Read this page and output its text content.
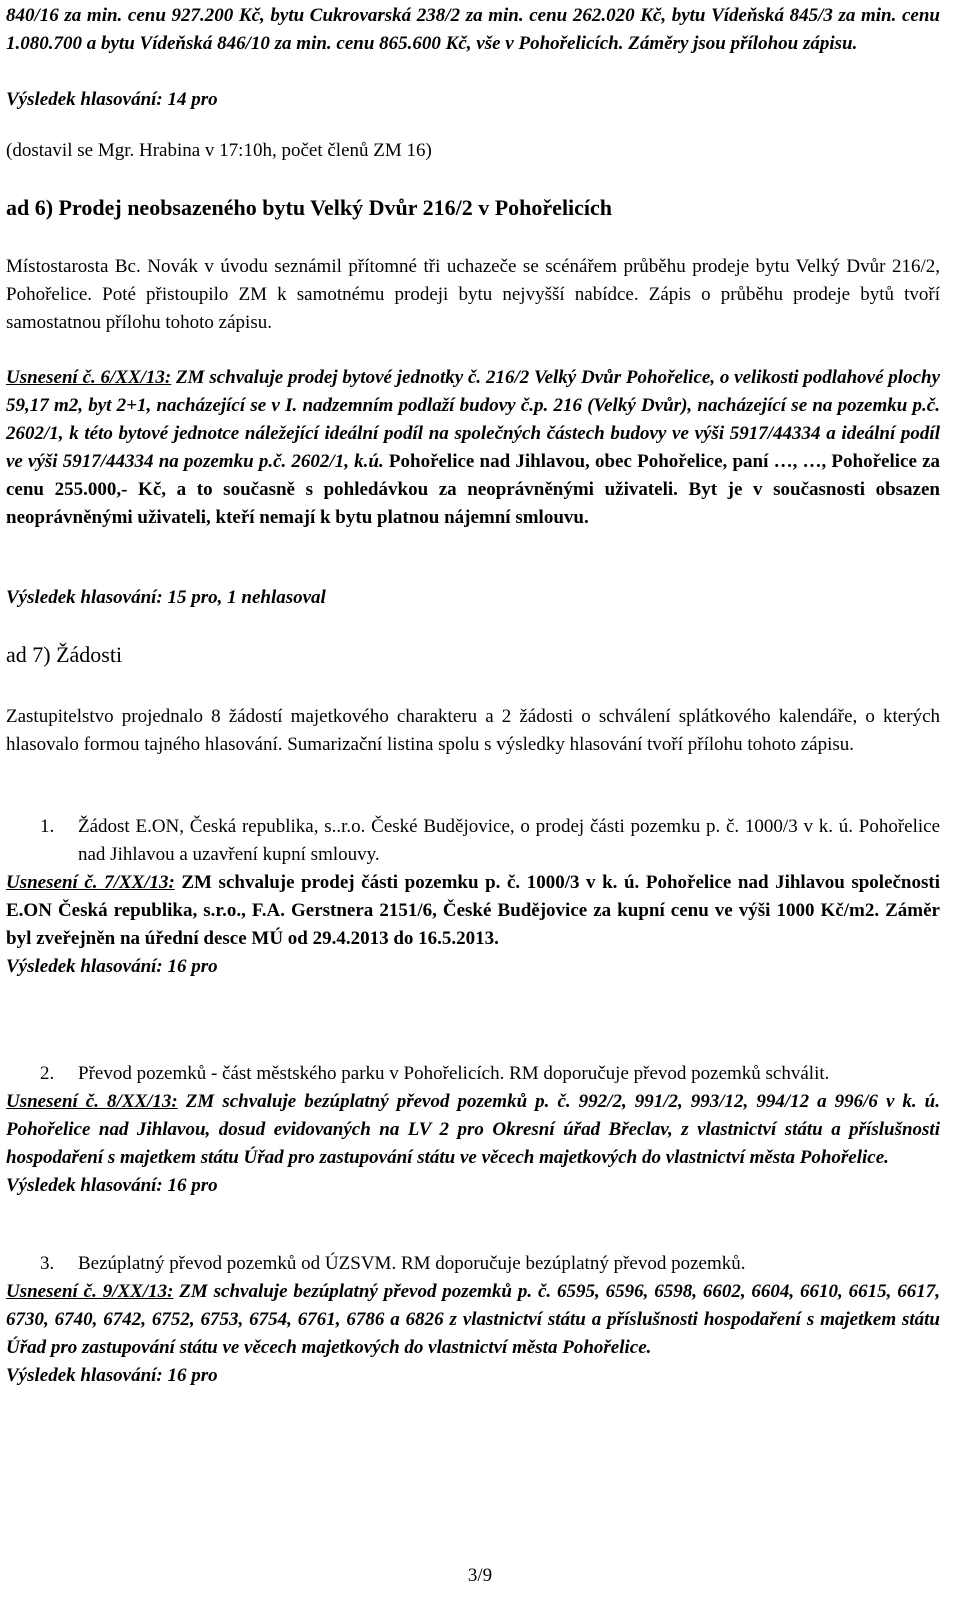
840/16 za min. cenu 927.200 Kč, bytu Cukrovarská 238/2 za min. cenu 262.020 Kč, bytu Vídeňská 845/3 za min. cenu 1.080.700 a bytu Vídeňská 846/10 za min. cenu 865.600 Kč, vše v Pohořelicích. Záměry jsou přílohou zápisu.

Výsledek hlasování: 14 pro

(dostavil se Mgr. Hrabina v 17:10h, počet členů ZM 16)

ad 6) Prodej neobsazeného bytu Velký Dvůr 216/2 v Pohořelicích

Místostarosta Bc. Novák v úvodu seznámil přítomné tři uchazeče se scénářem průběhu prodeje bytu Velký Dvůr 216/2, Pohořelice. Poté přistoupilo ZM k samotnému prodeji bytu nejvyšší nabídce. Zápis o průběhu prodeje bytů tvoří samostatnou přílohu tohoto zápisu.

Usnesení č. 6/XX/13: ZM schvaluje prodej bytové jednotky č. 216/2 Velký Dvůr Pohořelice, o velikosti podlahové plochy 59,17 m2, byt 2+1, nacházející se v I. nadzemním podlaží budovy č.p. 216 (Velký Dvůr), nacházející se na pozemku p.č. 2602/1, k této bytové jednotce náležející ideální podíl na společných částech budovy ve výši 5917/44334 a ideální podíl ve výši 5917/44334 na pozemku p.č. 2602/1, k.ú. Pohořelice nad Jihlavou, obec Pohořelice, paní …, …, Pohořelice za cenu 255.000,- Kč, a to současně s pohledávkou za neoprávněnými uživateli. Byt je v současnosti obsazen neoprávněnými uživateli, kteří nemají k bytu platnou nájemní smlouvu.

Výsledek hlasování: 15 pro, 1 nehlasoval

ad 7) Žádosti

Zastupitelstvo projednalo 8 žádostí majetkového charakteru a 2 žádosti o schválení splátkového kalendáře, o kterých hlasovalo formou tajného hlasování. Sumarizační listina spolu s výsledky hlasování tvoří přílohu tohoto zápisu.

1. Žádost E.ON, Česká republika, s..r.o. České Budějovice, o prodej části pozemku p. č. 1000/3 v k. ú. Pohořelice nad Jihlavou a uzavření kupní smlouvy.

Usnesení č. 7/XX/13: ZM schvaluje prodej části pozemku p. č. 1000/3 v k. ú. Pohořelice nad Jihlavou společnosti E.ON Česká republika, s.r.o., F.A. Gerstnera 2151/6, České Budějovice za kupní cenu ve výši 1000 Kč/m2. Záměr byl zveřejněn na úřední desce MÚ od 29.4.2013 do 16.5.2013.

Výsledek hlasování: 16 pro

2. Převod pozemků - část městského parku v Pohořelicích. RM doporučuje převod pozemků schválit.

Usnesení č. 8/XX/13: ZM schvaluje bezúplatný převod pozemků p. č. 992/2, 991/2, 993/12, 994/12 a 996/6 v k. ú. Pohořelice nad Jihlavou, dosud evidovaných na LV 2 pro Okresní úřad Břeclav, z vlastnictví státu a příslušnosti hospodaření s majetkem státu Úřad pro zastupování státu ve věcech majetkových do vlastnictví města Pohořelice.

Výsledek hlasování: 16 pro

3. Bezúplatný převod pozemků od ÚZSVM. RM doporučuje bezúplatný převod pozemků.

Usnesení č. 9/XX/13: ZM schvaluje bezúplatný převod pozemků p. č. 6595, 6596, 6598, 6602, 6604, 6610, 6615, 6617, 6730, 6740, 6742, 6752, 6753, 6754, 6761, 6786 a 6826 z vlastnictví státu a příslušnosti hospodaření s majetkem státu Úřad pro zastupování státu ve věcech majetkových do vlastnictví města Pohořelice.

Výsledek hlasování: 16 pro

3/9
